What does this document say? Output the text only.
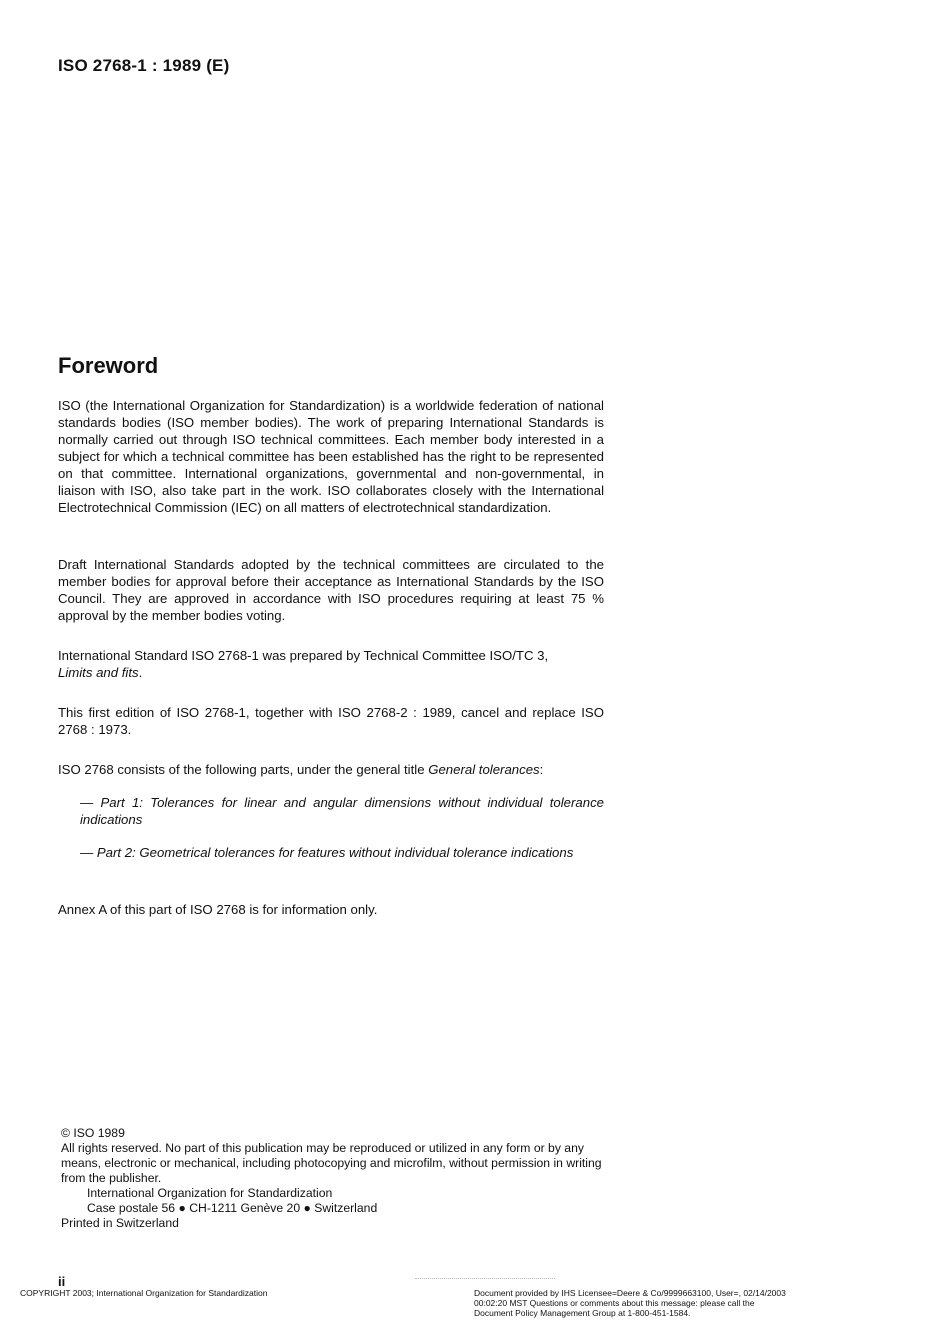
ISO 2768-1 : 1989 (E)
Foreword

ISO (the International Organization for Standardization) is a worldwide federation of national standards bodies (ISO member bodies). The work of preparing International Standards is normally carried out through ISO technical committees. Each member body interested in a subject for which a technical committee has been established has the right to be represented on that committee. International organizations, governmental and non-governmental, in liaison with ISO, also take part in the work. ISO collaborates closely with the International Electrotechnical Commission (IEC) on all matters of electrotechnical standardization.

Draft International Standards adopted by the technical committees are circulated to the member bodies for approval before their acceptance as International Standards by the ISO Council. They are approved in accordance with ISO procedures requiring at least 75 % approval by the member bodies voting.

International Standard ISO 2768-1 was prepared by Technical Committee ISO/TC 3,
Limits and fits.

This first edition of ISO 2768-1, together with ISO 2768-2 : 1989, cancel and replace ISO 2768 : 1973.

ISO 2768 consists of the following parts, under the general title General tolerances:

— Part 1: Tolerances for linear and angular dimensions without individual tolerance indications

— Part 2: Geometrical tolerances for features without individual tolerance indications

Annex A of this part of ISO 2768 is for information only.

© ISO 1989
All rights reserved. No part of this publication may be reproduced or utilized in any form or by any means, electronic or mechanical, including photocopying and microfilm, without permission in writing from the publisher.
International Organization for Standardization
Case postale 56 ● CH-1211 Genève 20 ● Switzerland
Printed in Switzerland
ii
COPYRIGHT 2003; International Organization for Standardization	Document provided by IHS Licensee=Deere & Co/9999663100, User=, 02/14/2003 00:02:20 MST Questions or comments about this message: please call the Document Policy Management Group at 1-800-451-1584.
